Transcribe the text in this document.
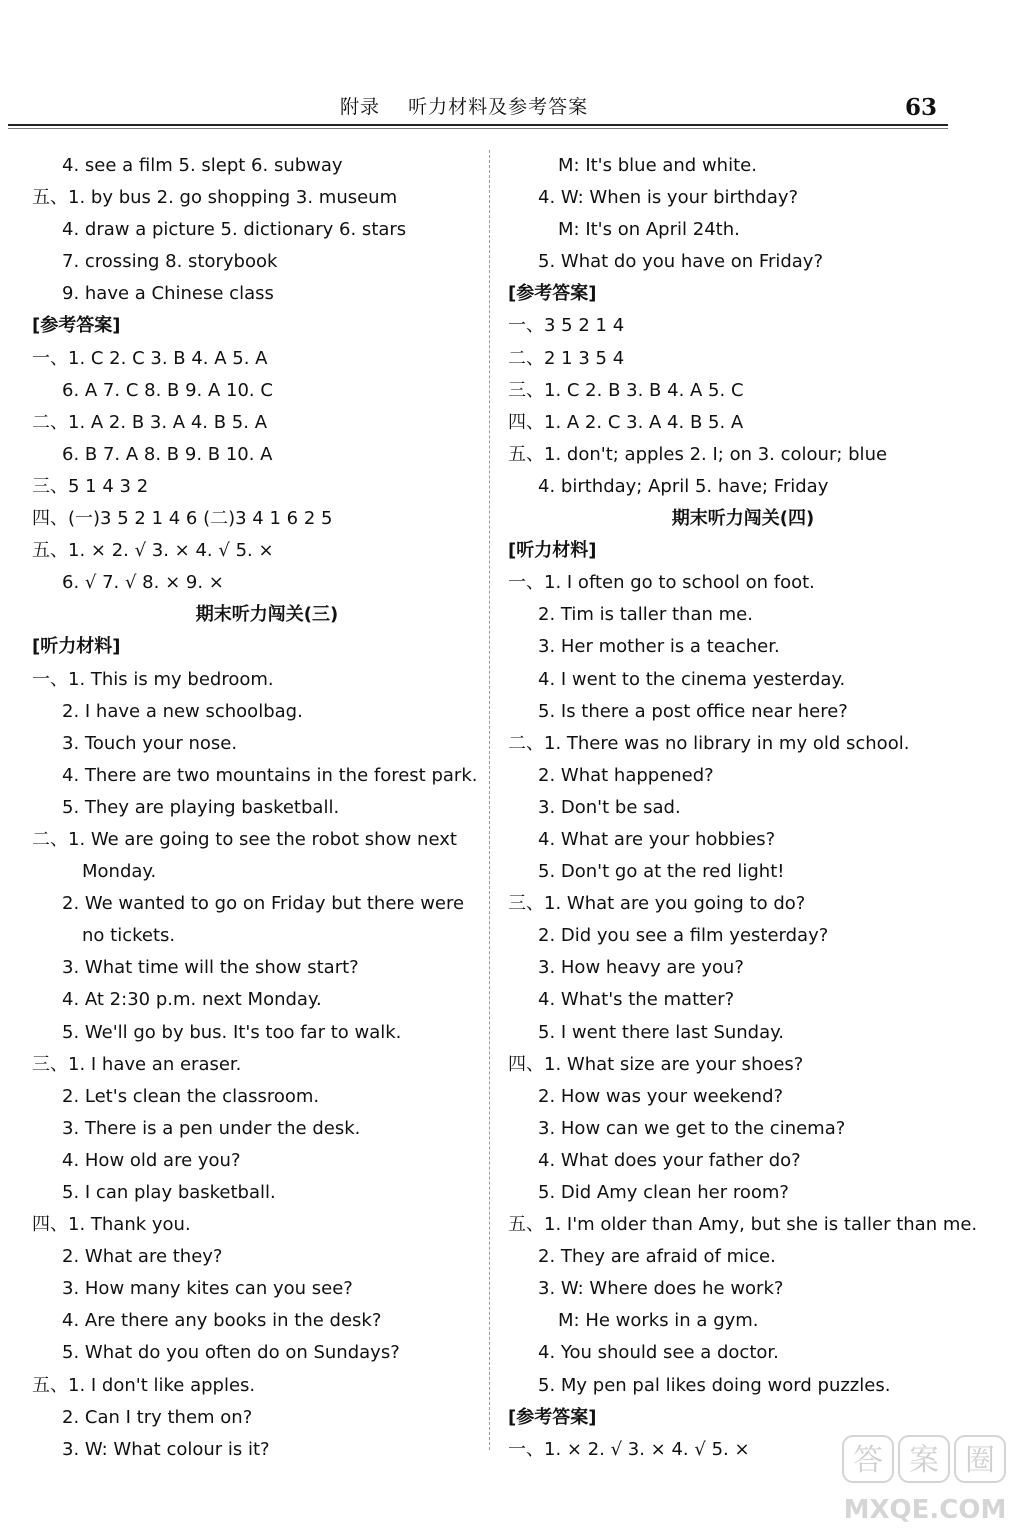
附录    听力材料及参考答案	63
4. see a film 5. slept 6. subway
五、1. by bus 2. go shopping 3. museum
4. draw a picture 5. dictionary 6. stars
7. crossing 8. storybook
9. have a Chinese class
[参考答案]
一、1. C 2. C 3. B 4. A 5. A
6. A 7. C 8. B 9. A 10. C
二、1. A 2. B 3. A 4. B 5. A
6. B 7. A 8. B 9. B 10. A
三、5 1 4 3 2
四、(一)3 5 2 1 4 6 (二)3 4 1 6 2 5
五、1. × 2. √ 3. × 4. √ 5. ×
6. √ 7. √ 8. × 9. ×
期末听力闯关(三)
[听力材料]
一、1. This is my bedroom.
2. I have a new schoolbag.
3. Touch your nose.
4. There are two mountains in the forest park.
5. They are playing basketball.
二、1. We are going to see the robot show next
Monday.
2. We wanted to go on Friday but there were
no tickets.
3. What time will the show start?
4. At 2:30 p.m. next Monday.
5. We'll go by bus. It's too far to walk.
三、1. I have an eraser.
2. Let's clean the classroom.
3. There is a pen under the desk.
4. How old are you?
5. I can play basketball.
四、1. Thank you.
2. What are they?
3. How many kites can you see?
4. Are there any books in the desk?
5. What do you often do on Sundays?
五、1. I don't like apples.
2. Can I try them on?
3. W: What colour is it?
M: It's blue and white.
4. W: When is your birthday?
M: It's on April 24th.
5. What do you have on Friday?
[参考答案]
一、3 5 2 1 4
二、2 1 3 5 4
三、1. C 2. B 3. B 4. A 5. C
四、1. A 2. C 3. A 4. B 5. A
五、1. don't; apples 2. I; on 3. colour; blue
4. birthday; April 5. have; Friday
期末听力闯关(四)
[听力材料]
一、1. I often go to school on foot.
2. Tim is taller than me.
3. Her mother is a teacher.
4. I went to the cinema yesterday.
5. Is there a post office near here?
二、1. There was no library in my old school.
2. What happened?
3. Don't be sad.
4. What are your hobbies?
5. Don't go at the red light!
三、1. What are you going to do?
2. Did you see a film yesterday?
3. How heavy are you?
4. What's the matter?
5. I went there last Sunday.
四、1. What size are your shoes?
2. How was your weekend?
3. How can we get to the cinema?
4. What does your father do?
5. Did Amy clean her room?
五、1. I'm older than Amy, but she is taller than me.
2. They are afraid of mice.
3. W: Where does he work?
M: He works in a gym.
4. You should see a doctor.
5. My pen pal likes doing word puzzles.
[参考答案]
一、1. × 2. √ 3. × 4. √ 5. ×	答 案 圈
MXQE.COM
